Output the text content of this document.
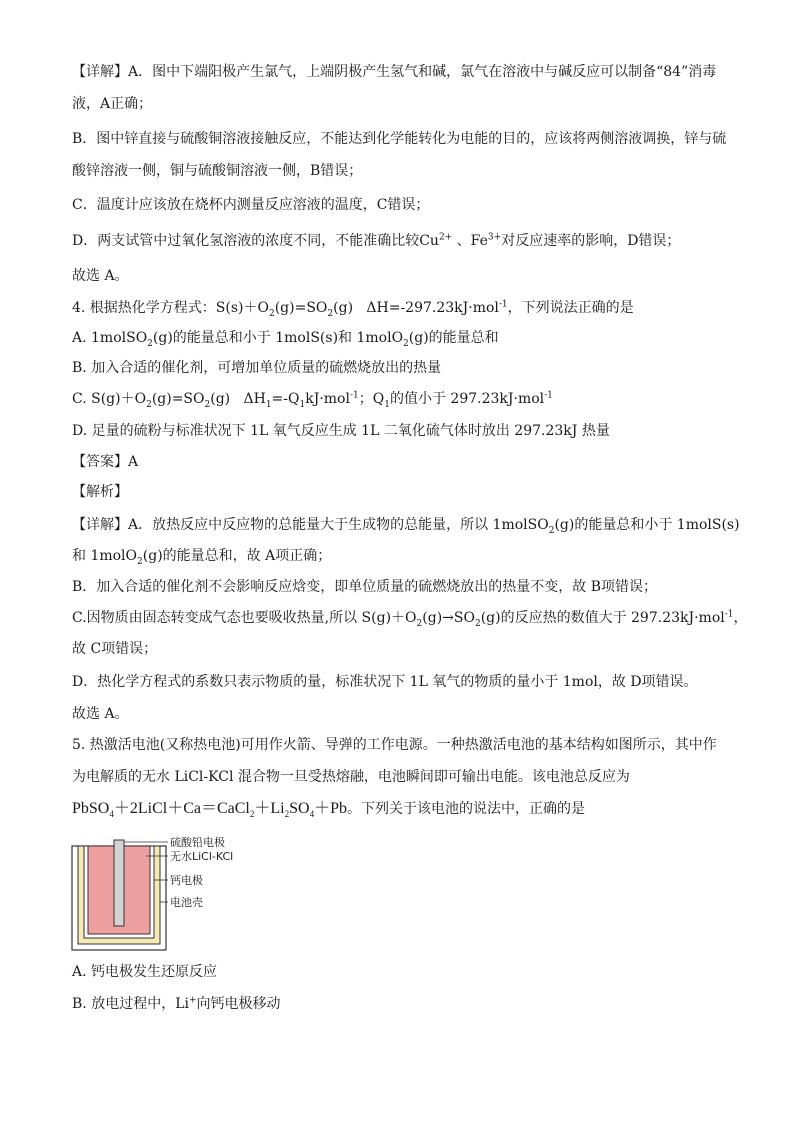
【详解】A．图中下端阳极产生氯气，上端阴极产生氢气和碱，氯气在溶液中与碱反应可以制备“84”消毒
液，A正确；
B．图中锌直接与硫酸铜溶液接触反应，不能达到化学能转化为电能的目的，应该将两侧溶液调换，锌与硫
酸锌溶液一侧，铜与硫酸铜溶液一侧，B错误；
C．温度计应该放在烧杯内测量反应溶液的温度，C错误；
D．两支试管中过氧化氢溶液的浓度不同，不能准确比较$Cu^{2+}$ 、$Fe^{3+}$对反应速率的影响，D错误；
故选 A。
4. 根据热化学方程式：$S(s)+O_2(g)=SO_2(g)$ ΔH=-297.23kJ·mol$^{-1}$，下列说法正确的是
A. 1molSO$_2$(g)的能量总和小于 1molS(s)和 1molO$_2$(g)的能量总和
B. 加入合适的催化剂，可增加单位质量的硫燃烧放出的热量
C. $S(g)+O_2(g)=SO_2(g)$ $\Delta H_1=-Q_1kJ\cdot mol^{-1}$；$Q_1$的值小于 297.23kJ·mol$^{-1}$
D. 足量的硫粉与标准状况下 1L 氧气反应生成 1L 二氧化硫气体时放出 297.23kJ 热量
【答案】A
【解析】
【详解】A．放热反应中反应物的总能量大于生成物的总能量，所以 1molSO$_2$(g)的能量总和小于 1molS(s)
和 1molO$_2$(g)的能量总和，故 A项正确；
B．加入合适的催化剂不会影响反应焓变，即单位质量的硫燃烧放出的热量不变，故 B项错误；
C.因物质由固态转变成气态也要吸收热量,所以 $S(g)+O_2(g)\to SO_2(g)$的反应热的数值大于 297.23kJ·mol$^{-1}$，
故 C项错误；
D．热化学方程式的系数只表示物质的量，标准状况下 1L 氧气的物质的量小于 1mol，故 D项错误。
故选 A。
5. 热激活电池(又称热电池)可用作火箭、导弹的工作电源。一种热激活电池的基本结构如图所示，其中作
为电解质的无水 LiCl-KCl 混合物一旦受热熔融，电池瞬间即可输出电能。该电池总反应为
$PbSO_4+2LiCl+Ca=CaCl_2+Li_2SO_4+Pb$。下列关于该电池的说法中，正确的是
硫酸铅电极
无水LiCl-KCl
钙电极
电池壳
A. 钙电极发生还原反应
B. 放电过程中，Li+向钙电极移动
